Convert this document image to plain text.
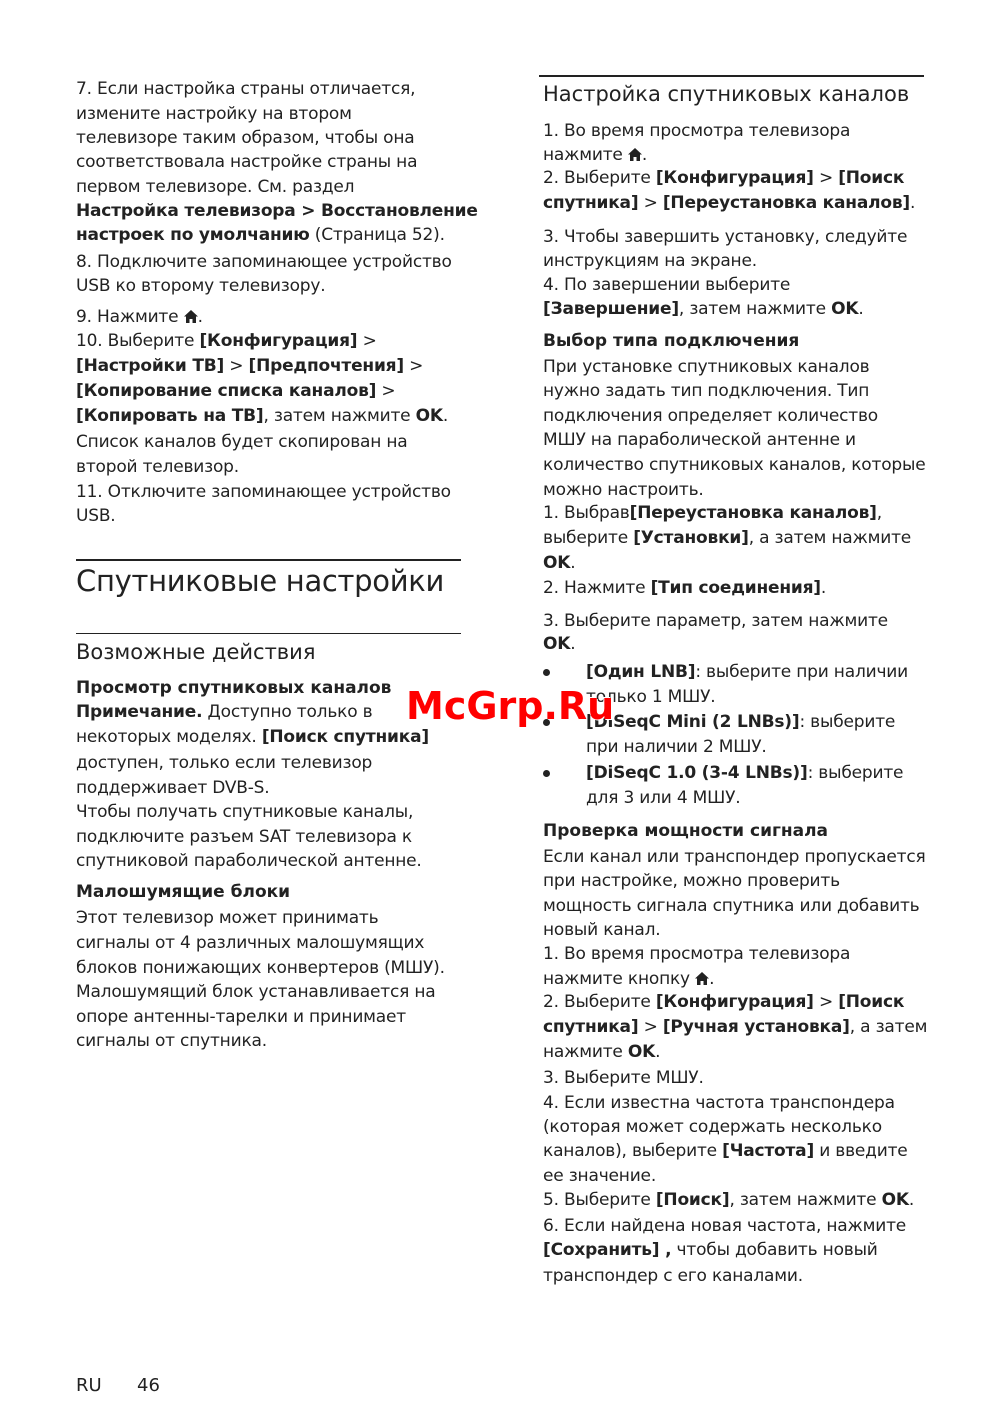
7. Если настройка страны отличается,
измените настройку на втором
телевизоре таким образом, чтобы она
соответствовала настройке страны на
первом телевизоре. См. раздел
Настройка телевизора > Восстановление
настроек по умолчанию (Страница 52).
8. Подключите запоминающее устройство
USB ко второму телевизору.
9. Нажмите .
10. Выберите [Конфигурация] >
[Настройки ТВ] > [Предпочтения] >
[Копирование списка каналов] >
[Копировать на ТВ], затем нажмите OK.
Список каналов будет скопирован на
второй телевизор.
11. Отключите запоминающее устройство
USB.
Спутниковые настройки
Возможные действия
Просмотр спутниковых каналов
Примечание. Доступно только в
некоторых моделях. [Поиск спутника]
доступен, только если телевизор
поддерживает DVB-S.
Чтобы получать спутниковые каналы,
подключите разъем SAT телевизора к
спутниковой параболической антенне.
Малошумящие блоки
Этот телевизор может принимать
сигналы от 4 различных малошумящих
блоков понижающих конвертеров (МШУ).
Малошумящий блок устанавливается на
опоре антенны-тарелки и принимает
сигналы от спутника.
Настройка спутниковых каналов
1. Во время просмотра телевизора
нажмите .
2. Выберите [Конфигурация] > [Поиск
спутника] > [Переустановка каналов].
3. Чтобы завершить установку, следуйте
инструкциям на экране.
4. По завершении выберите
[Завершение], затем нажмите OK.
Выбор типа подключения
При установке спутниковых каналов
нужно задать тип подключения. Тип
подключения определяет количество
МШУ на параболической антенне и
количество спутниковых каналов, которые
можно настроить.
1. Выбрав[Переустановка каналов],
выберите [Установки], а затем нажмите
OK.
2. Нажмите [Тип соединения].
3. Выберите параметр, затем нажмите
OK.
[Один LNB]: выберите при наличии
только 1 МШУ.
[DiSeqC Mini (2 LNBs)]: выберите
при наличии 2 МШУ.
[DiSeqC 1.0 (3-4 LNBs)]: выберите
для 3 или 4 МШУ.
Проверка мощности сигнала
Если канал или транспондер пропускается
при настройке, можно проверить
мощность сигнала спутника или добавить
новый канал.
1. Во время просмотра телевизора
нажмите кнопку .
2. Выберите [Конфигурация] > [Поиск
спутника] > [Ручная установка], а затем
нажмите OK.
3. Выберите МШУ.
4. Если известна частота транспондера
(которая может содержать несколько
каналов), выберите [Частота] и введите
ее значение.
5. Выберите [Поиск], затем нажмите OK.
6. Если найдена новая частота, нажмите
[Сохранить] , чтобы добавить новый
транспондер с его каналами.
McGrp.Ru
RU 46
